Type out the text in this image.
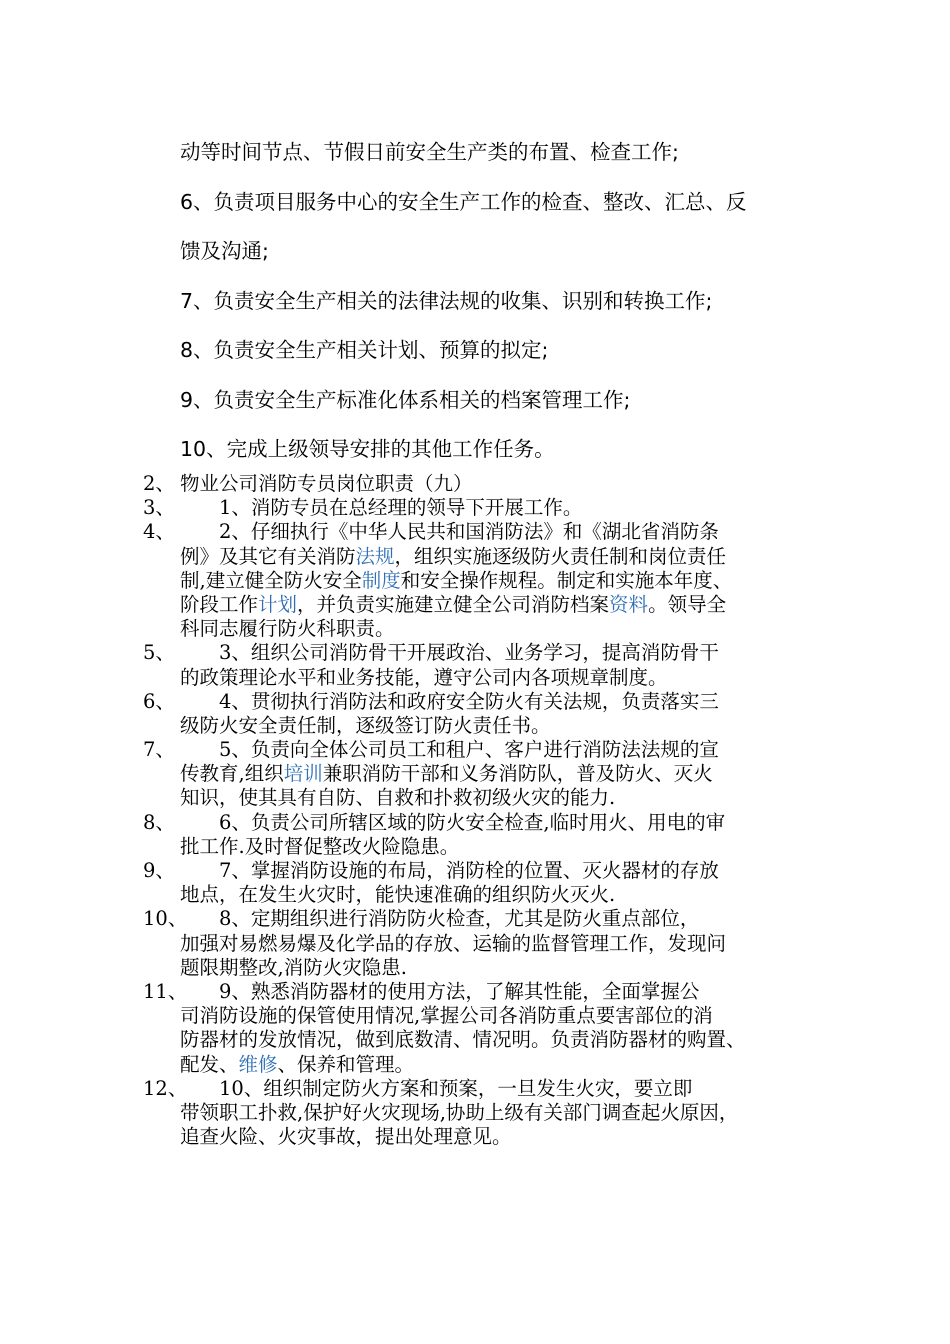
动等时间节点、节假日前安全生产类的布置、检查工作;
6、负责项目服务中心的安全生产工作的检查、整改、汇总、反
馈及沟通;
7、负责安全生产相关的法律法规的收集、识别和转换工作;
8、负责安全生产相关计划、预算的拟定;
9、负责安全生产标准化体系相关的档案管理工作;
10、完成上级领导安排的其他工作任务。
2、 物业公司消防专员岗位职责（九）
3、 　　1、消防专员在总经理的领导下开展工作。
4、 　　2、仔细执行《中华人民共和国消防法》和《湖北省消防条
例》及其它有关消防法规，组织实施逐级防火责任制和岗位责任
制,建立健全防火安全制度和安全操作规程。制定和实施本年度、
阶段工作计划，并负责实施建立健全公司消防档案资料。领导全
科同志履行防火科职责。
5、 　　3、组织公司消防骨干开展政治、业务学习，提高消防骨干
的政策理论水平和业务技能，遵守公司内各项规章制度。
6、 　　4、贯彻执行消防法和政府安全防火有关法规，负责落实三
级防火安全责任制，逐级签订防火责任书。
7、 　　5、负责向全体公司员工和租户、客户进行消防法法规的宣
传教育,组织培训兼职消防干部和义务消防队，普及防火、灭火
知识，使其具有自防、自救和扑救初级火灾的能力.
8、 　　6、负责公司所辖区域的防火安全检查,临时用火、用电的审
批工作.及时督促整改火险隐患。
9、 　　7、掌握消防设施的布局，消防栓的位置、灭火器材的存放
地点，在发生火灾时，能快速准确的组织防火灭火.
10、
　　8、定期组织进行消防防火检查，尤其是防火重点部位，
加强对易燃易爆及化学品的存放、运输的监督管理工作，发现问
题限期整改,消防火灾隐患.
11、
　　9、熟悉消防器材的使用方法，了解其性能，全面掌握公
司消防设施的保管使用情况,掌握公司各消防重点要害部位的消
防器材的发放情况，做到底数清、情况明。负责消防器材的购置、
配发、维修、保养和管理。
12、
　　10、组织制定防火方案和预案，一旦发生火灾，要立即
带领职工扑救,保护好火灾现场,协助上级有关部门调查起火原因，
追查火险、火灾事故，提出处理意见。
